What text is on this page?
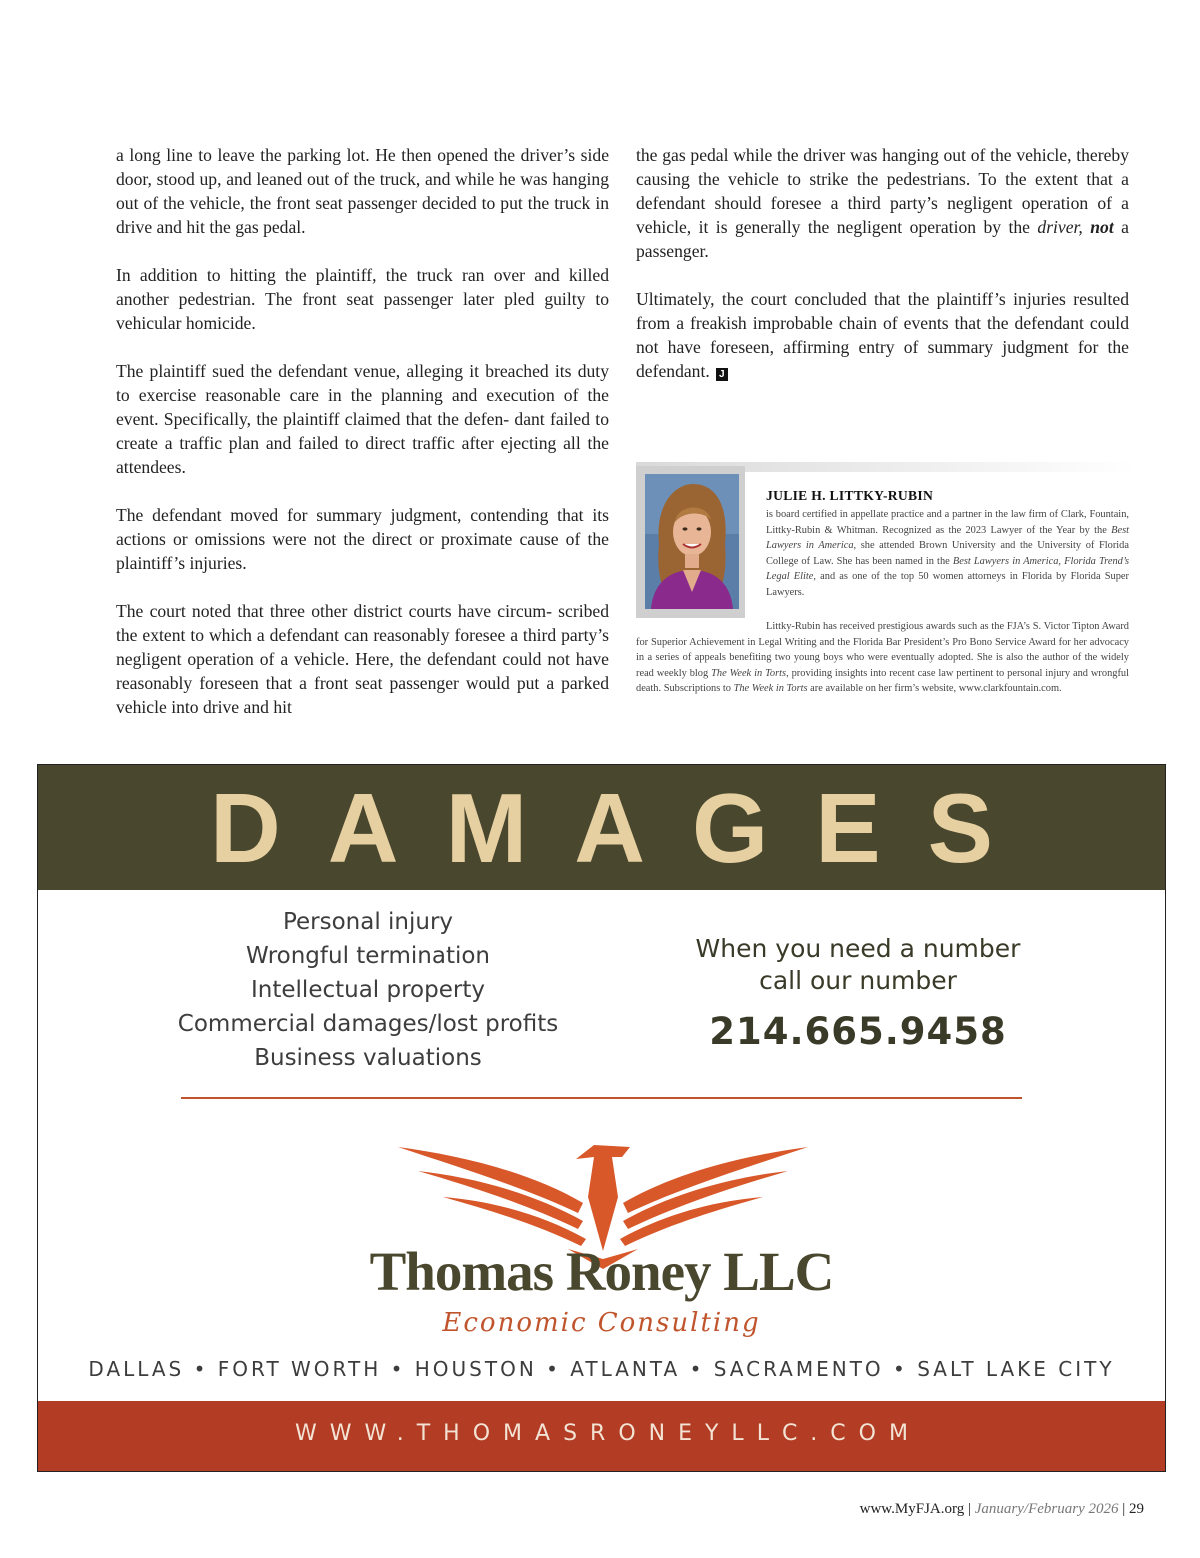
a long line to leave the parking lot. He then opened the driver’s side door, stood up, and leaned out of the truck, and while he was hanging out of the vehicle, the front seat passenger decided to put the truck in drive and hit the gas pedal.

In addition to hitting the plaintiff, the truck ran over and killed another pedestrian. The front seat passenger later pled guilty to vehicular homicide.

The plaintiff sued the defendant venue, alleging it breached its duty to exercise reasonable care in the planning and execution of the event. Specifically, the plaintiff claimed that the defen- dant failed to create a traffic plan and failed to direct traffic after ejecting all the attendees.

The defendant moved for summary judgment, contending that its actions or omissions were not the direct or proximate cause of the plaintiff’s injuries.

The court noted that three other district courts have circum- scribed the extent to which a defendant can reasonably foresee a third party’s negligent operation of a vehicle. Here, the defendant could not have reasonably foreseen that a front seat passenger would put a parked vehicle into drive and hit

the gas pedal while the driver was hanging out of the vehicle, thereby causing the vehicle to strike the pedestrians. To the extent that a defendant should foresee a third party’s negligent operation of a vehicle, it is generally the negligent operation by the driver, not a passenger.

Ultimately, the court concluded that the plaintiff’s injuries resulted from a freakish improbable chain of events that the defendant could not have foreseen, affirming entry of summary judgment for the defendant. J

JULIE H. LITTKY-RUBIN
is board certified in appellate practice and a partner in the law firm of Clark, Fountain, Littky-Rubin & Whitman. Recognized as the 2023 Lawyer of the Year by the Best Lawyers in America, she attended Brown University and the University of Florida College of Law. She has been named in the Best Lawyers in America, Florida Trend’s Legal Elite, and as one of the top 50 women attorneys in Florida by Florida Super Lawyers.
Littky-Rubin has received prestigious awards such as the FJA’s S. Victor Tipton Award for Superior Achievement in Legal Writing and the Florida Bar President’s Pro Bono Service Award for her advocacy in a series of appeals benefiting two young boys who were eventually adopted. She is also the author of the widely read weekly blog The Week in Torts, providing insights into recent case law pertinent to personal injury and wrongful death. Subscriptions to The Week in Torts are available on her firm’s website, www.clarkfountain.com.
DAMAGES
Personal injury
Wrongful termination
Intellectual property
Commercial damages/lost profits
Business valuations
When you need a number
call our number
214.665.9458
Thomas Roney LLC
Economic Consulting
DALLAS • FORT WORTH • HOUSTON • ATLANTA • SACRAMENTO • SALT LAKE CITY
WWW.THOMASRONEYLLC.COM
www.MyFJA.org | January/February 2026 | 29
